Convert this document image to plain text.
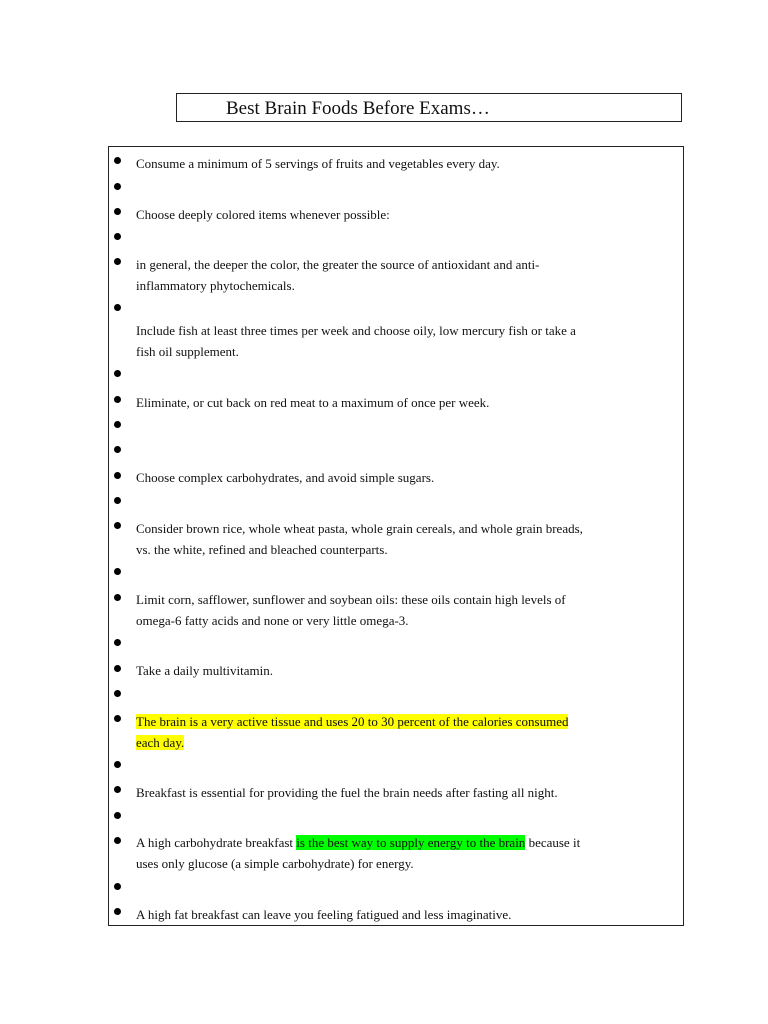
Best Brain Foods Before Exams…
Consume a minimum of 5 servings of fruits and vegetables every day.
Choose deeply colored items whenever possible:
in general, the deeper the color, the greater the source of antioxidant and anti-
inflammatory phytochemicals.
Include fish at least three times per week and choose oily, low mercury fish or take a
fish oil supplement.
Eliminate, or cut back on red meat to a maximum of once per week.
Choose complex carbohydrates, and avoid simple sugars.
Consider brown rice, whole wheat pasta, whole grain cereals, and whole grain breads,
vs. the white, refined and bleached counterparts.
Limit corn, safflower, sunflower and soybean oils: these oils contain high levels of
omega-6 fatty acids and none or very little omega-3.
Take a daily multivitamin.
The brain is a very active tissue and uses 20 to 30 percent of the calories consumed
each day.
Breakfast is essential for providing the fuel the brain needs after fasting all night.
A high carbohydrate breakfast is the best way to supply energy to the brain because it
uses only glucose (a simple carbohydrate) for energy.
A high fat breakfast can leave you feeling fatigued and less imaginative.
